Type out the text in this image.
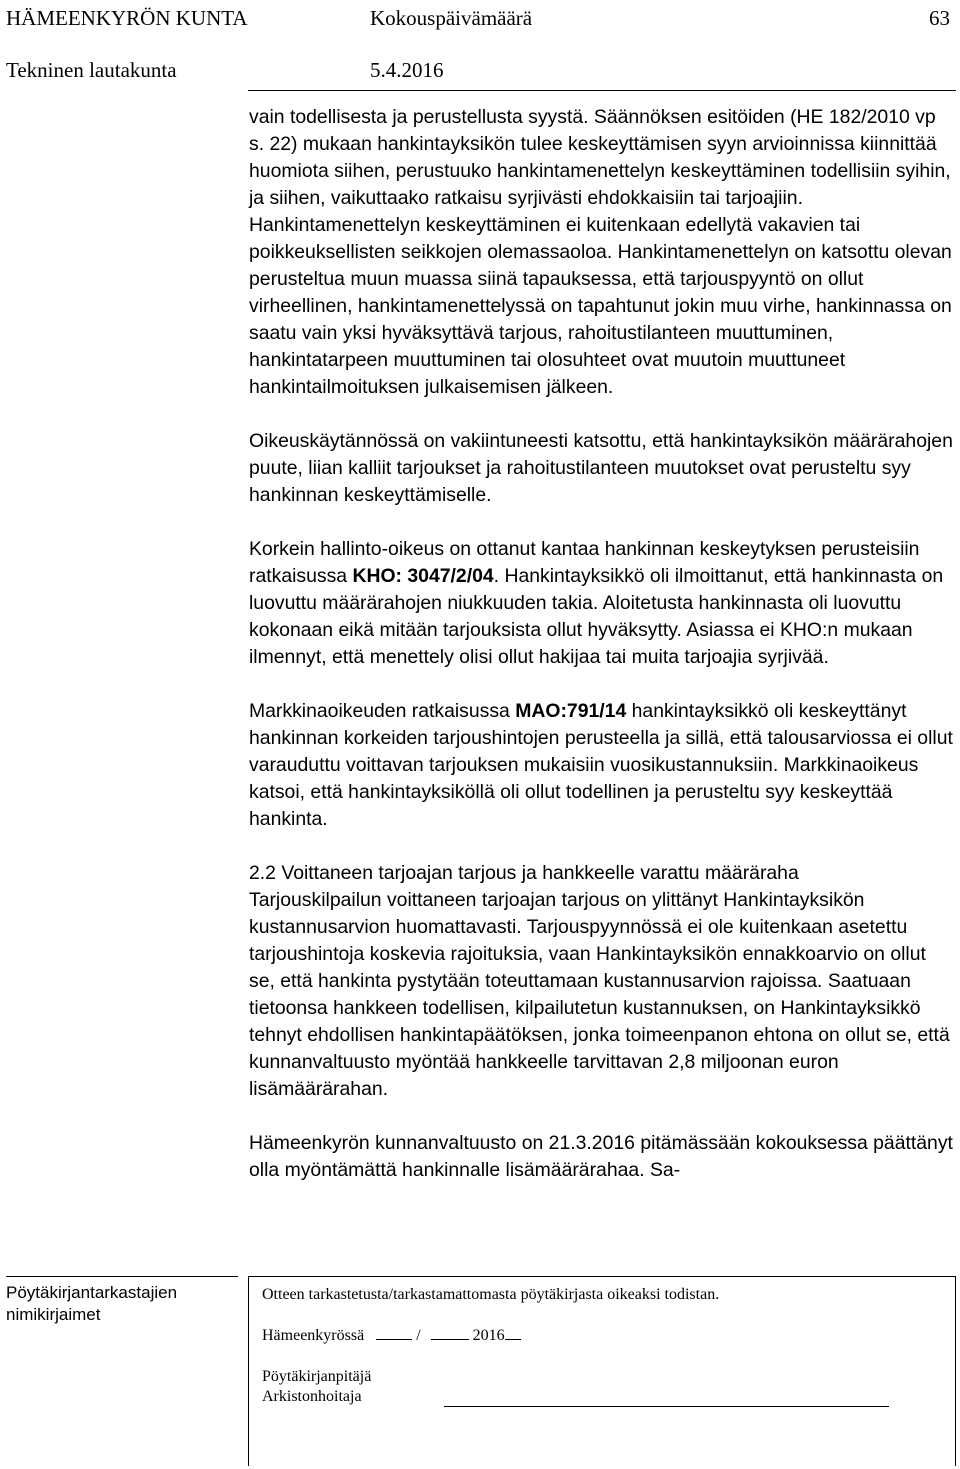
HÄMEENKYRÖN KUNTA	Kokouspäivämäärä	63
Tekninen lautakunta	5.4.2016

vain todellisesta ja perustellusta syystä. Säännöksen esitöiden (HE 182/2010 vp s. 22) mukaan hankintayksikön tulee keskeyttämisen syyn arvioinnissa kiinnittää huomiota siihen, perustuuko hankintamenettelyn keskeyttäminen todellisiin syihin, ja siihen, vaikuttaako ratkaisu syrjivästi ehdokkaisiin tai tarjoajiin. Hankintamenettelyn keskeyttäminen ei kuitenkaan edellytä vakavien tai poikkeuksellisten seikkojen olemassaoloa. Hankintamenettelyn on katsottu olevan perusteltua muun muassa siinä tapauksessa, että tarjouspyyntö on ollut virheellinen, hankintamenettelyssä on tapahtunut jokin muu virhe, hankinnassa on saatu vain yksi hyväksyttävä tarjous, rahoitustilanteen muuttuminen, hankintatarpeen muuttuminen tai olosuhteet ovat muutoin muuttuneet hankintailmoituksen julkaisemisen jälkeen.

Oikeuskäytännössä on vakiintuneesti katsottu, että hankintayksikön määrärahojen puute, liian kalliit tarjoukset ja rahoitustilanteen muutokset ovat perusteltu syy hankinnan keskeyttämiselle.

Korkein hallinto-oikeus on ottanut kantaa hankinnan keskeytyksen perusteisiin ratkaisussa KHO: 3047/2/04. Hankintayksikkö oli ilmoittanut, että hankinnasta on luovuttu määrärahojen niukkuuden takia. Aloitetusta hankinnasta oli luovuttu kokonaan eikä mitään tarjouksista ollut hyväksytty. Asiassa ei KHO:n mukaan ilmennyt, että menettely olisi ollut hakijaa tai muita tarjoajia syrjivää.

Markkinaoikeuden ratkaisussa MAO:791/14 hankintayksikkö oli keskeyttänyt hankinnan korkeiden tarjoushintojen perusteella ja sillä, että talousarviossa ei ollut varauduttu voittavan tarjouksen mukaisiin vuosikustannuksiin. Markkinaoikeus katsoi, että hankintayksiköllä oli ollut todellinen ja perusteltu syy keskeyttää hankinta.

2.2 Voittaneen tarjoajan tarjous ja hankkeelle varattu määräraha

Tarjouskilpailun voittaneen tarjoajan tarjous on ylittänyt Hankintayksikön kustannusarvion huomattavasti. Tarjouspyynnössä ei ole kuitenkaan asetettu tarjoushintoja koskevia rajoituksia, vaan Hankintayksikön ennakkoarvio on ollut se, että hankinta pystytään toteuttamaan kustannusarvion rajoissa. Saatuaan tietoonsa hankkeen todellisen, kilpailutetun kustannuksen, on Hankintayksikkö tehnyt ehdollisen hankintapäätöksen, jonka toimeenpanon ehtona on ollut se, että kunnanvaltuusto myöntää hankkeelle tarvittavan 2,8 miljoonan euron lisämäärärahan.

Hämeenkyrön kunnanvaltuusto on 21.3.2016 pitämässään kokouksessa päättänyt olla myöntämättä hankinnalle lisämäärärahaa. Sa-

Pöytäkirjantarkastajien nimikirjaimet
Otteen tarkastetusta/tarkastamattomasta pöytäkirjasta oikeaksi todistan.
Hämeenkyrössä	/	2016
Pöytäkirjanpitäjä
Arkistonhoitaja
